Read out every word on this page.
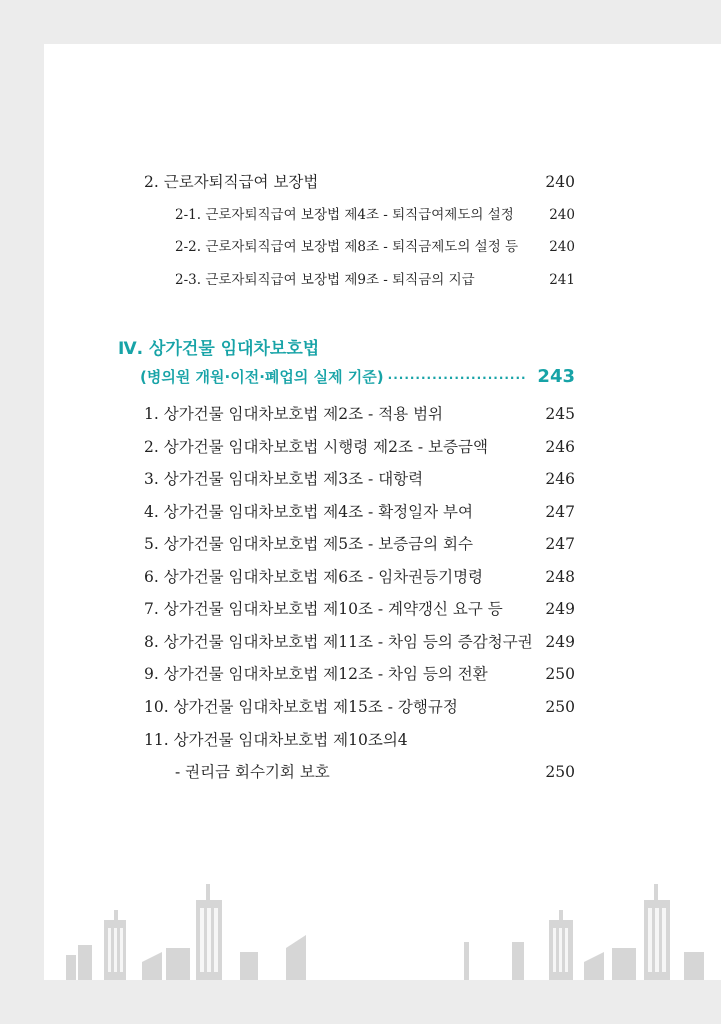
2. 근로자퇴직급여 보장법	240
2-1. 근로자퇴직급여 보장법 제4조 - 퇴직급여제도의 설정	240
2-2. 근로자퇴직급여 보장법 제8조 - 퇴직금제도의 설정 등	240
2-3. 근로자퇴직급여 보장법 제9조 - 퇴직금의 지급	241
Ⅳ. 상가건물 임대차보호법
(병의원 개원·이전·폐업의 실제 기준) ························· 243
1. 상가건물 임대차보호법 제2조 - 적용 범위	245
2. 상가건물 임대차보호법 시행령 제2조 - 보증금액	246
3. 상가건물 임대차보호법 제3조 - 대항력	246
4. 상가건물 임대차보호법 제4조 - 확정일자 부여	247
5. 상가건물 임대차보호법 제5조 - 보증금의 회수	247
6. 상가건물 임대차보호법 제6조 - 임차권등기명령	248
7. 상가건물 임대차보호법 제10조 - 계약갱신 요구 등	249
8. 상가건물 임대차보호법 제11조 - 차임 등의 증감청구권 249
9. 상가건물 임대차보호법 제12조 - 차임 등의 전환	250
10. 상가건물 임대차보호법 제15조 - 강행규정	250
11. 상가건물 임대차보호법 제10조의4
- 권리금 회수기회 보호	250
